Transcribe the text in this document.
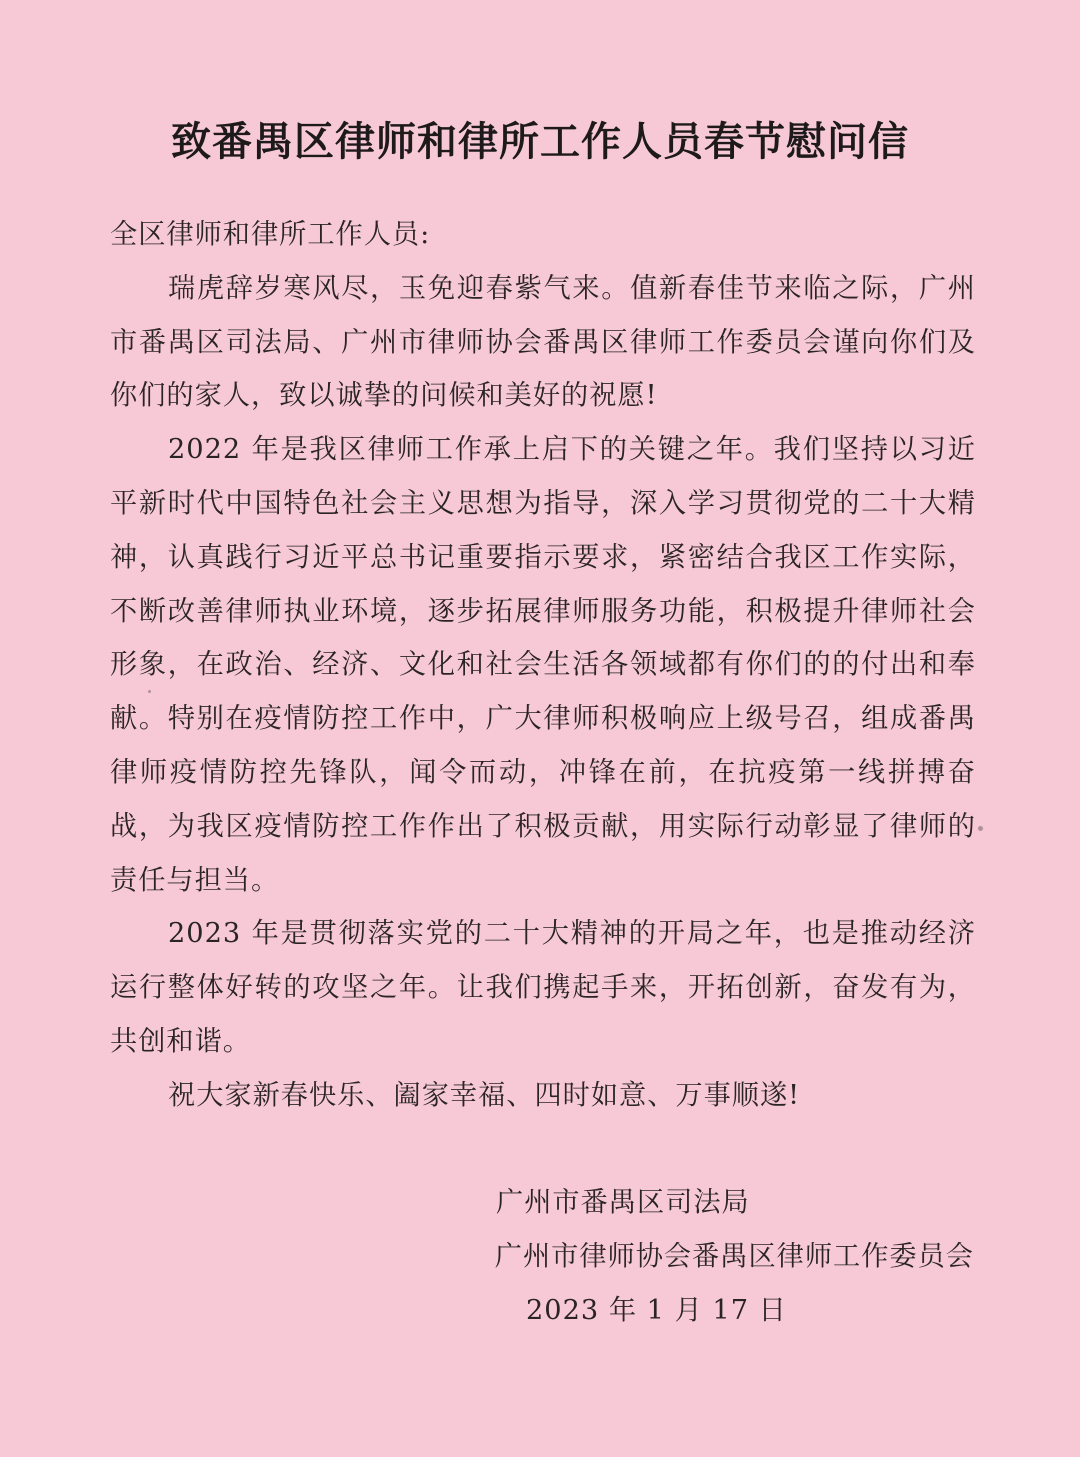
致番禺区律师和律所工作人员春节慰问信

全区律师和律所工作人员:

瑞虎辞岁寒风尽，玉免迎春紫气来。值新春佳节来临之际，广州市番禺区司法局、广州市律师协会番禺区律师工作委员会谨向你们及你们的家人，致以诚挚的问候和美好的祝愿!

2022 年是我区律师工作承上启下的关键之年。我们坚持以习近平新时代中国特色社会主义思想为指导，深入学习贯彻党的二十大精神，认真践行习近平总书记重要指示要求，紧密结合我区工作实际，不断改善律师执业环境，逐步拓展律师服务功能，积极提升律师社会形象，在政治、经济、文化和社会生活各领域都有你们的的付出和奉献。特别在疫情防控工作中，广大律师积极响应上级号召，组成番禺律师疫情防控先锋队，闻令而动，冲锋在前，在抗疫第一线拼搏奋战，为我区疫情防控工作作出了积极贡献，用实际行动彰显了律师的责任与担当。

2023 年是贯彻落实党的二十大精神的开局之年，也是推动经济运行整体好转的攻坚之年。让我们携起手来，开拓创新，奋发有为，共创和谐。

祝大家新春快乐、阖家幸福、四时如意、万事顺遂!

广州市番禺区司法局
广州市律师协会番禺区律师工作委员会
2023 年 1 月 17 日
